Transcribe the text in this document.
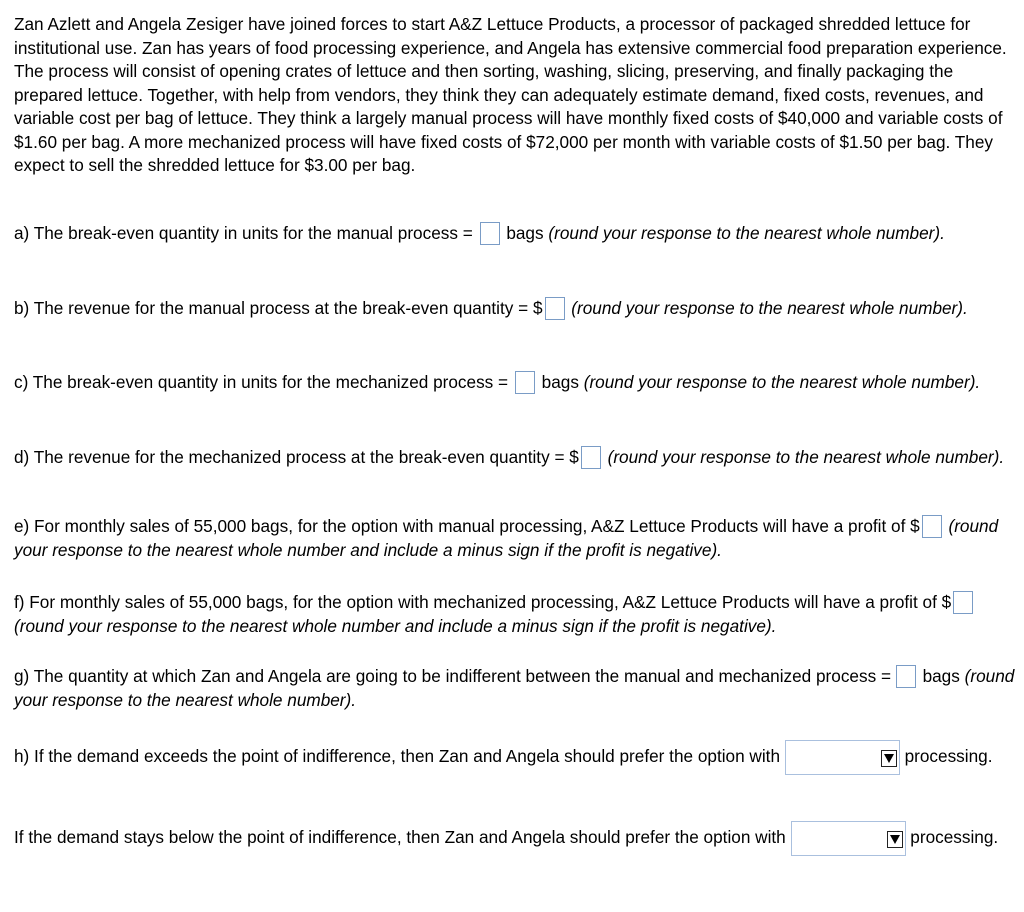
Zan Azlett and Angela Zesiger have joined forces to start A&Z Lettuce Products, a processor of packaged shredded lettuce for institutional use. Zan has years of food processing experience, and Angela has extensive commercial food preparation experience. The process will consist of opening crates of lettuce and then sorting, washing, slicing, preserving, and finally packaging the prepared lettuce. Together, with help from vendors, they think they can adequately estimate demand, fixed costs, revenues, and variable cost per bag of lettuce. They think a largely manual process will have monthly fixed costs of $40,000 and variable costs of $1.60 per bag. A more mechanized process will have fixed costs of $72,000 per month with variable costs of $1.50 per bag. They expect to sell the shredded lettuce for $3.00 per bag.
a) The break-even quantity in units for the manual process = bags (round your response to the nearest whole number).
b) The revenue for the manual process at the break-even quantity = $ (round your response to the nearest whole number).
c) The break-even quantity in units for the mechanized process = bags (round your response to the nearest whole number).
d) The revenue for the mechanized process at the break-even quantity = $ (round your response to the nearest whole number).
e) For monthly sales of 55,000 bags, for the option with manual processing, A&Z Lettuce Products will have a profit of $ (round your response to the nearest whole number and include a minus sign if the profit is negative).
f) For monthly sales of 55,000 bags, for the option with mechanized processing, A&Z Lettuce Products will have a profit of $ (round your response to the nearest whole number and include a minus sign if the profit is negative).
g) The quantity at which Zan and Angela are going to be indifferent between the manual and mechanized process = bags (round your response to the nearest whole number).
h) If the demand exceeds the point of indifference, then Zan and Angela should prefer the option with	processing.
If the demand stays below the point of indifference, then Zan and Angela should prefer the option with	processing.
